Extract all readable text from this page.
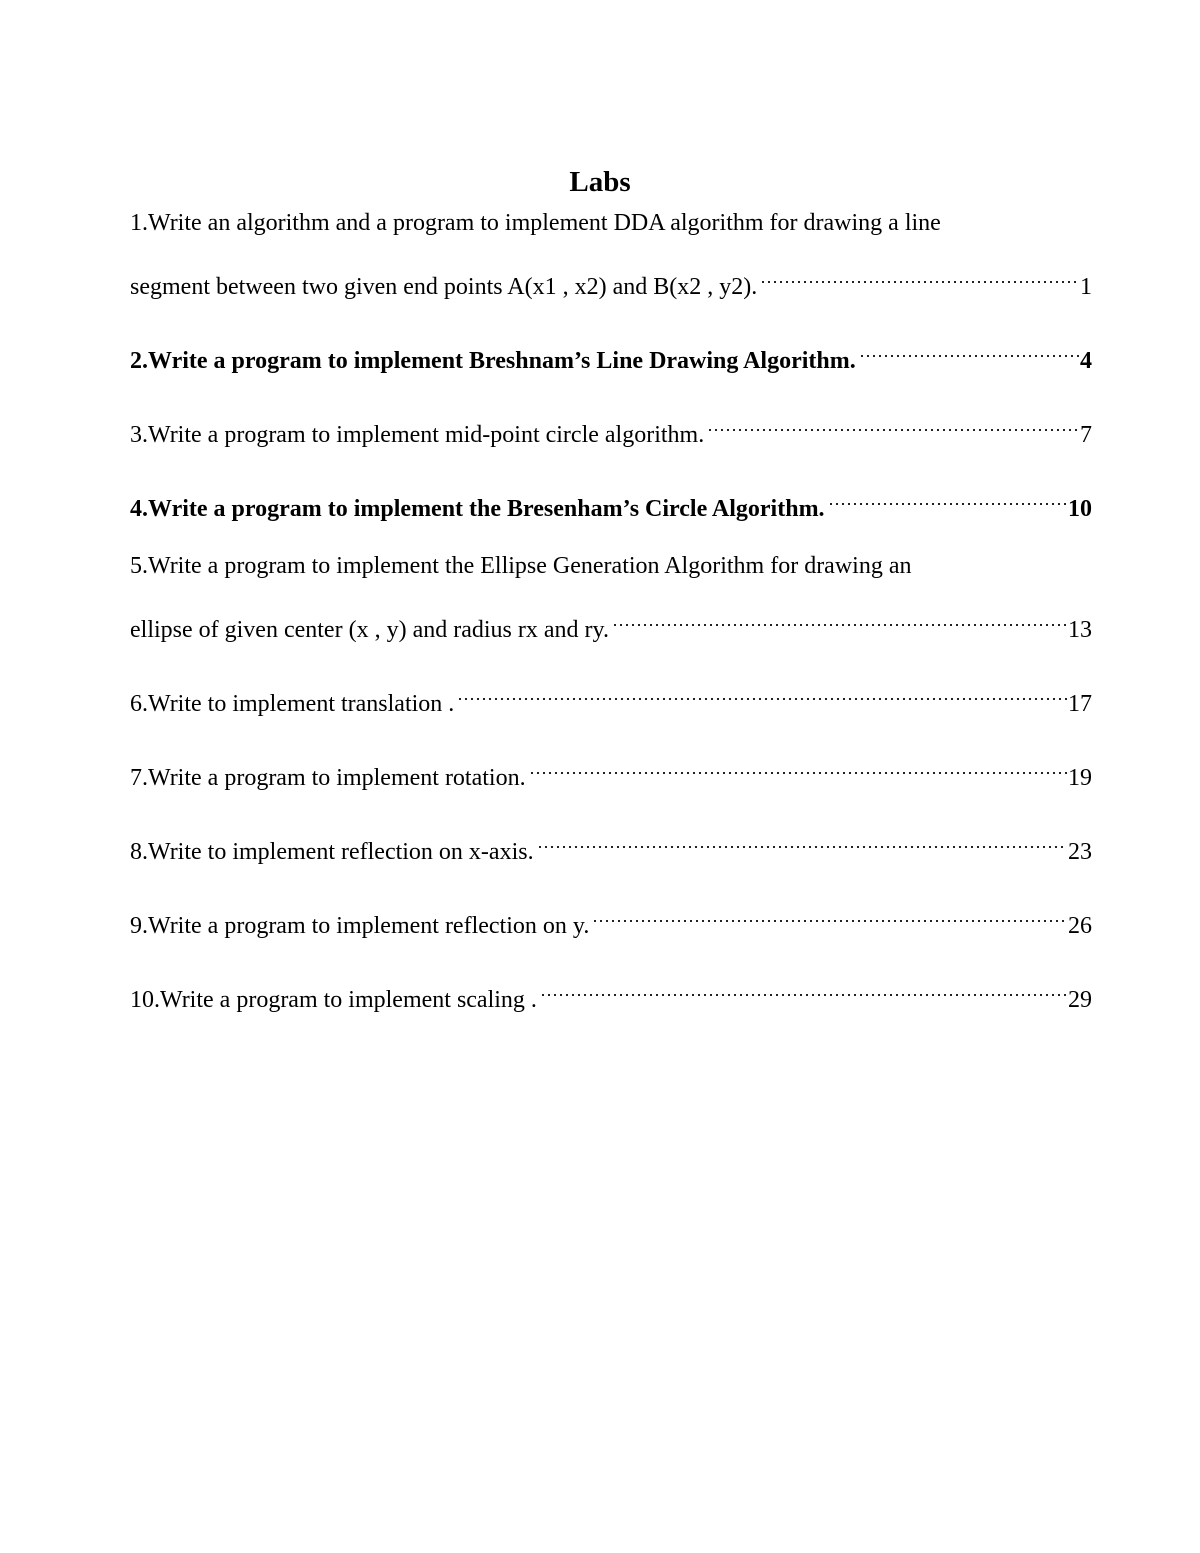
Labs
1.Write an algorithm and a program to implement DDA algorithm for drawing a line
segment between two given end points A(x1 , x2) and B(x2 , y2).	1
2.Write a program to implement Breshnam’s Line Drawing Algorithm.	4
3.Write a program to implement mid-point circle algorithm.	7
4.Write a program to implement the Bresenham’s Circle Algorithm.	10
5.Write a program to implement the Ellipse Generation Algorithm for drawing an
ellipse of given center (x , y) and radius rx and ry.	13
6.Write to implement translation .	17
7.Write a program to implement rotation.	19
8.Write to implement reflection on x-axis.	23
9.Write a program to implement reflection on y.	26
10.Write a program to implement scaling .	29
